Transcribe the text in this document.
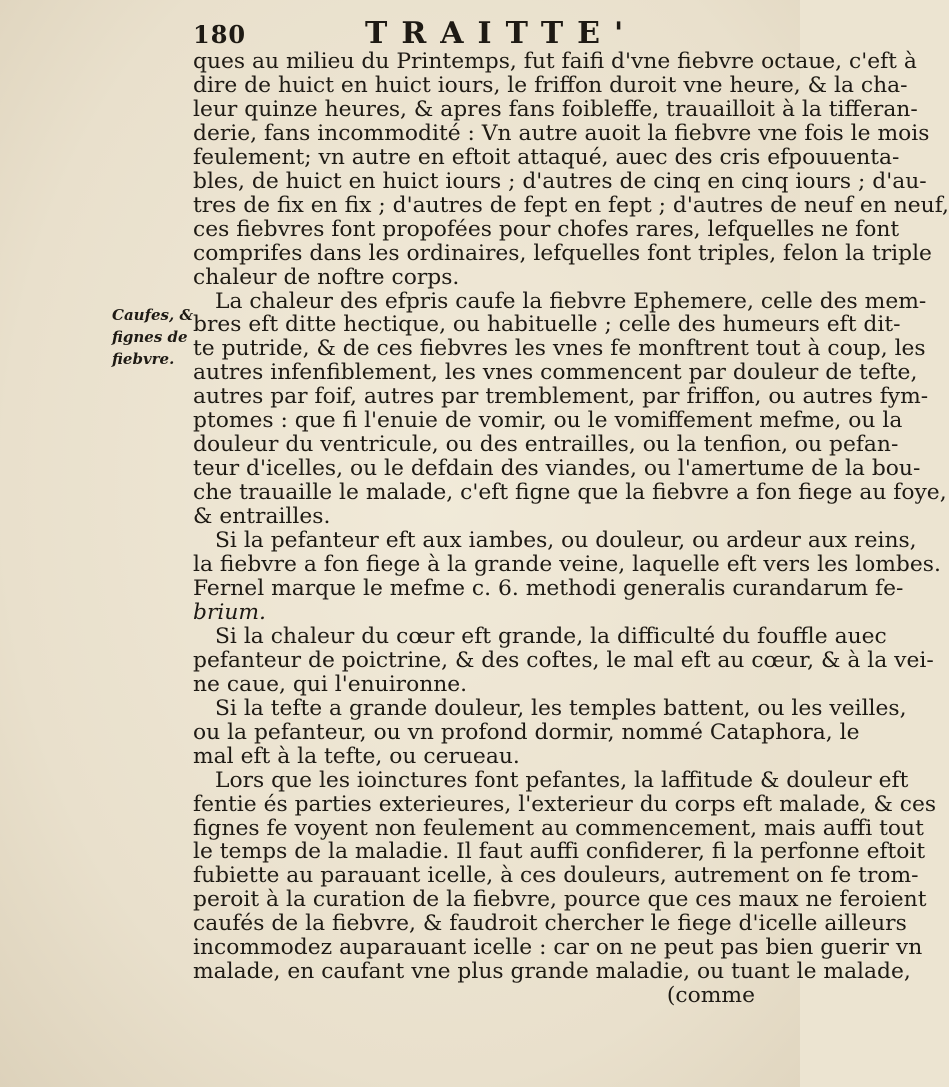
180	TRAITTE'
Caufes, &
fignes de
fiebvre.
ques au milieu du Printemps, fut faifi d'vne fiebvre octaue, c'eft à
dire de huict en huict iours, le friffon duroit vne heure, & la cha-
leur quinze heures, & apres fans foibleffe, trauailloit à la tifferan-
derie, fans incommodité : Vn autre auoit la fiebvre vne fois le mois
feulement; vn autre en eftoit attaqué, auec des cris efpouuenta-
bles, de huict en huict iours ; d'autres de cinq en cinq iours ; d'au-
tres de fix en fix ; d'autres de fept en fept ; d'autres de neuf en neuf,
ces fiebvres font propofées pour chofes rares, lefquelles ne font
comprifes dans les ordinaires, lefquelles font triples, felon la triple
chaleur de noftre corps.
La chaleur des efpris caufe la fiebvre Ephemere, celle des mem-
bres eft ditte hectique, ou habituelle ; celle des humeurs eft dit-
te putride, & de ces fiebvres les vnes fe monftrent tout à coup, les
autres infenfiblement, les vnes commencent par douleur de tefte,
autres par foif, autres par tremblement, par friffon, ou autres fym-
ptomes : que fi l'enuie de vomir, ou le vomiffement mefme, ou la
douleur du ventricule, ou des entrailles, ou la tenfion, ou pefan-
teur d'icelles, ou le defdain des viandes, ou l'amertume de la bou-
che trauaille le malade, c'eft figne que la fiebvre a fon fiege au foye,
& entrailles.
Si la pefanteur eft aux iambes, ou douleur, ou ardeur aux reins,
la fiebvre a fon fiege à la grande veine, laquelle eft vers les lombes.
Fernel marque le mefme c. 6. methodi generalis curandarum fe-
brium.
Si la chaleur du cœur eft grande, la difficulté du fouffle auec
pefanteur de poictrine, & des coftes, le mal eft au cœur, & à la vei-
ne caue, qui l'enuironne.
Si la tefte a grande douleur, les temples battent, ou les veilles,
ou la pefanteur, ou vn profond dormir, nommé Cataphora, le
mal eft à la tefte, ou cerueau.
Lors que les ioinctures font pefantes, la laffitude & douleur eft
fentie és parties exterieures, l'exterieur du corps eft malade, & ces
fignes fe voyent non feulement au commencement, mais auffi tout
le temps de la maladie. Il faut auffi confiderer, fi la perfonne eftoit
fubiette au parauant icelle, à ces douleurs, autrement on fe trom-
peroit à la curation de la fiebvre, pource que ces maux ne feroient
caufés de la fiebvre, & faudroit chercher le fiege d'icelle ailleurs
incommodez auparauant icelle : car on ne peut pas bien guerir vn
malade, en caufant vne plus grande maladie, ou tuant le malade,
(comme
